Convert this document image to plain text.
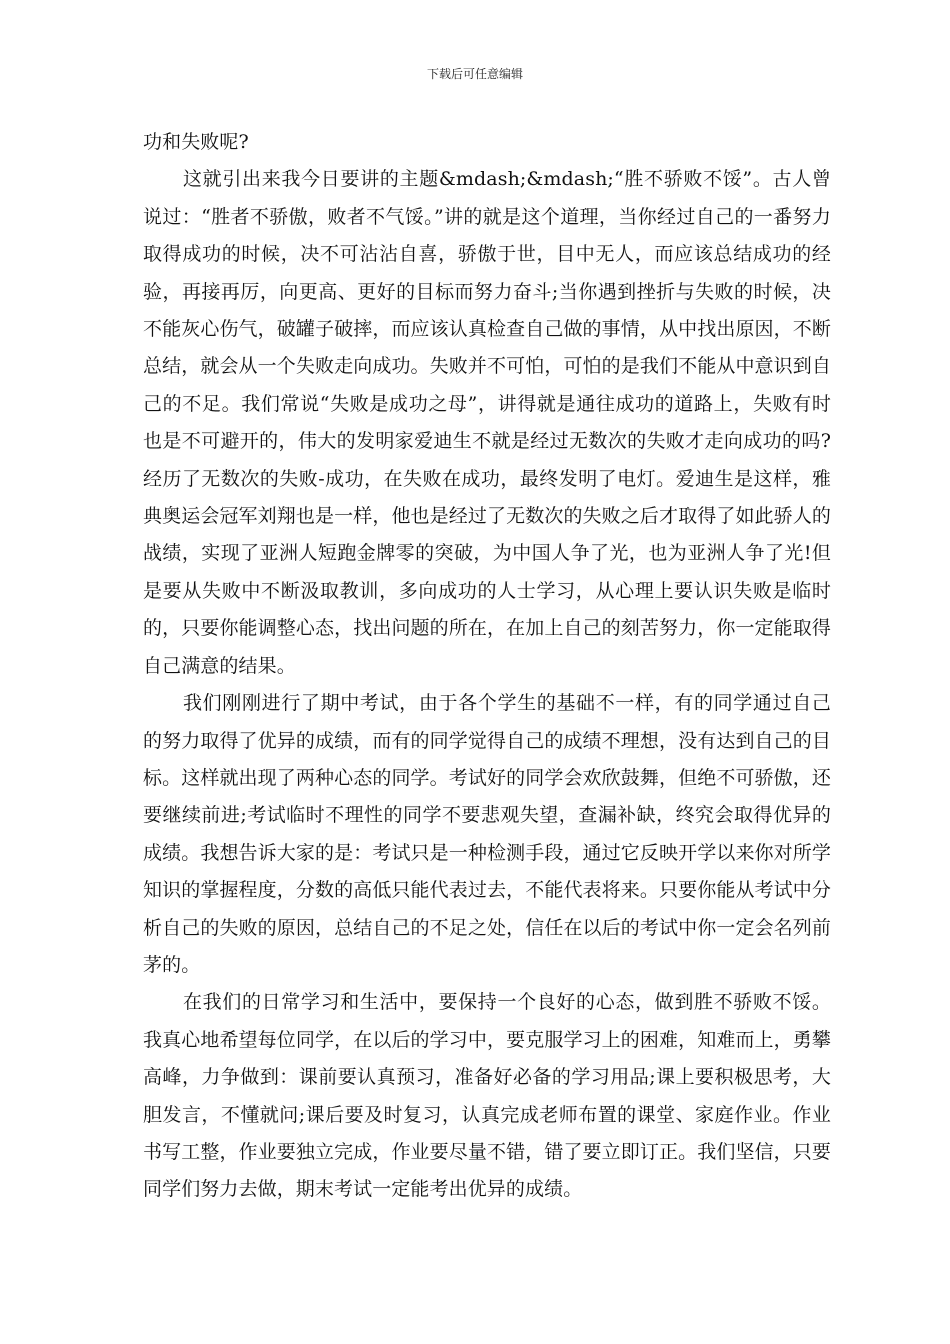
下载后可任意编辑

功和失败呢?

这就引出来我今日要讲的主题&mdash;&mdash;“胜不骄败不馁”。古人曾说过：“胜者不骄傲，败者不气馁。”讲的就是这个道理，当你经过自己的一番努力取得成功的时候，决不可沾沾自喜，骄傲于世，目中无人，而应该总结成功的经验，再接再厉，向更高、更好的目标而努力奋斗;当你遇到挫折与失败的时候，决不能灰心伤气，破罐子破摔，而应该认真检查自己做的事情，从中找出原因，不断总结，就会从一个失败走向成功。失败并不可怕，可怕的是我们不能从中意识到自己的不足。我们常说“失败是成功之母”，讲得就是通往成功的道路上，失败有时也是不可避开的，伟大的发明家爱迪生不就是经过无数次的失败才走向成功的吗?经历了无数次的失败-成功，在失败在成功，最终发明了电灯。爱迪生是这样，雅典奥运会冠军刘翔也是一样，他也是经过了无数次的失败之后才取得了如此骄人的战绩，实现了亚洲人短跑金牌零的突破，为中国人争了光，也为亚洲人争了光!但是要从失败中不断汲取教训，多向成功的人士学习，从心理上要认识失败是临时的，只要你能调整心态，找出问题的所在，在加上自己的刻苦努力，你一定能取得自己满意的结果。

我们刚刚进行了期中考试，由于各个学生的基础不一样，有的同学通过自己的努力取得了优异的成绩，而有的同学觉得自己的成绩不理想，没有达到自己的目标。这样就出现了两种心态的同学。考试好的同学会欢欣鼓舞，但绝不可骄傲，还要继续前进;考试临时不理性的同学不要悲观失望，查漏补缺，终究会取得优异的成绩。我想告诉大家的是：考试只是一种检测手段，通过它反映开学以来你对所学知识的掌握程度，分数的高低只能代表过去，不能代表将来。只要你能从考试中分析自己的失败的原因，总结自己的不足之处，信任在以后的考试中你一定会名列前茅的。

在我们的日常学习和生活中，要保持一个良好的心态，做到胜不骄败不馁。我真心地希望每位同学，在以后的学习中，要克服学习上的困难，知难而上，勇攀高峰，力争做到：课前要认真预习，准备好必备的学习用品;课上要积极思考，大胆发言，不懂就问;课后要及时复习，认真完成老师布置的课堂、家庭作业。作业书写工整，作业要独立完成，作业要尽量不错，错了要立即订正。我们坚信，只要同学们努力去做，期末考试一定能考出优异的成绩。
